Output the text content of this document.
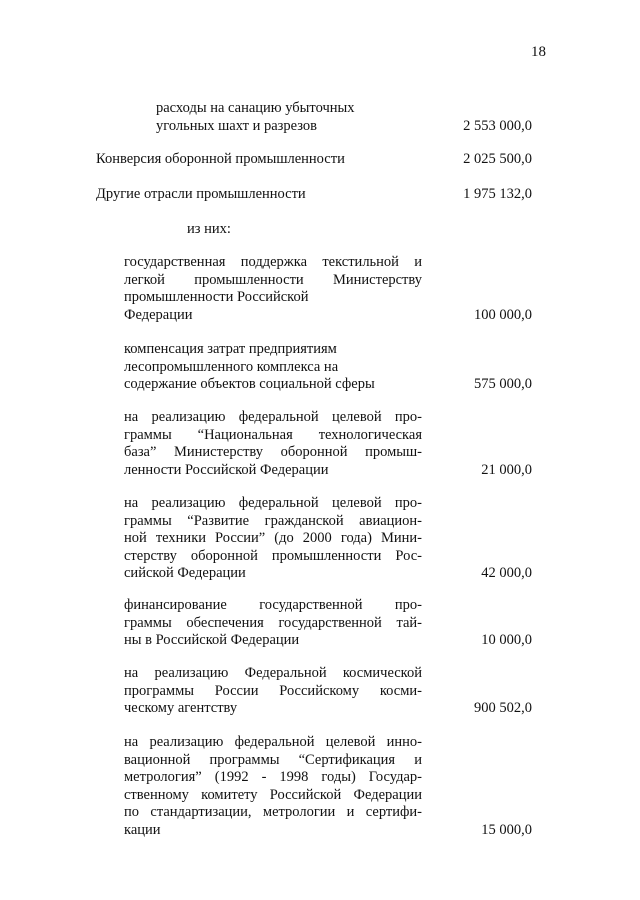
18
расходы на санацию убыточных
угольных шахт и разрезов	2 553 000,0
Конверсия оборонной промышленности	2 025 500,0
Другие отрасли промышленности	1 975 132,0
из них:
государственная поддержка текстильной и
легкой промышленности Министерству
промышленности Российской
Федерации	100 000,0
компенсация затрат предприятиям
лесопромышленного комплекса на
содержание объектов социальной сферы	575 000,0
на реализацию федеральной целевой про-
граммы “Национальная технологическая
база” Министерству оборонной промыш-
ленности Российской Федерации	21 000,0
на реализацию федеральной целевой про-
граммы “Развитие гражданской авиацион-
ной техники России” (до 2000 года) Мини-
стерству оборонной промышленности Рос-
сийской Федерации	42 000,0
финансирование государственной про-
граммы обеспечения государственной тай-
ны в Российской Федерации	10 000,0
на реализацию Федеральной космической
программы России Российскому косми-
ческому агентству	900 502,0
на реализацию федеральной целевой инно-
вационной программы “Сертификация и
метрология” (1992 - 1998 годы) Государ-
ственному комитету Российской Федерации
по стандартизации, метрологии и сертифи-
кации	15 000,0
